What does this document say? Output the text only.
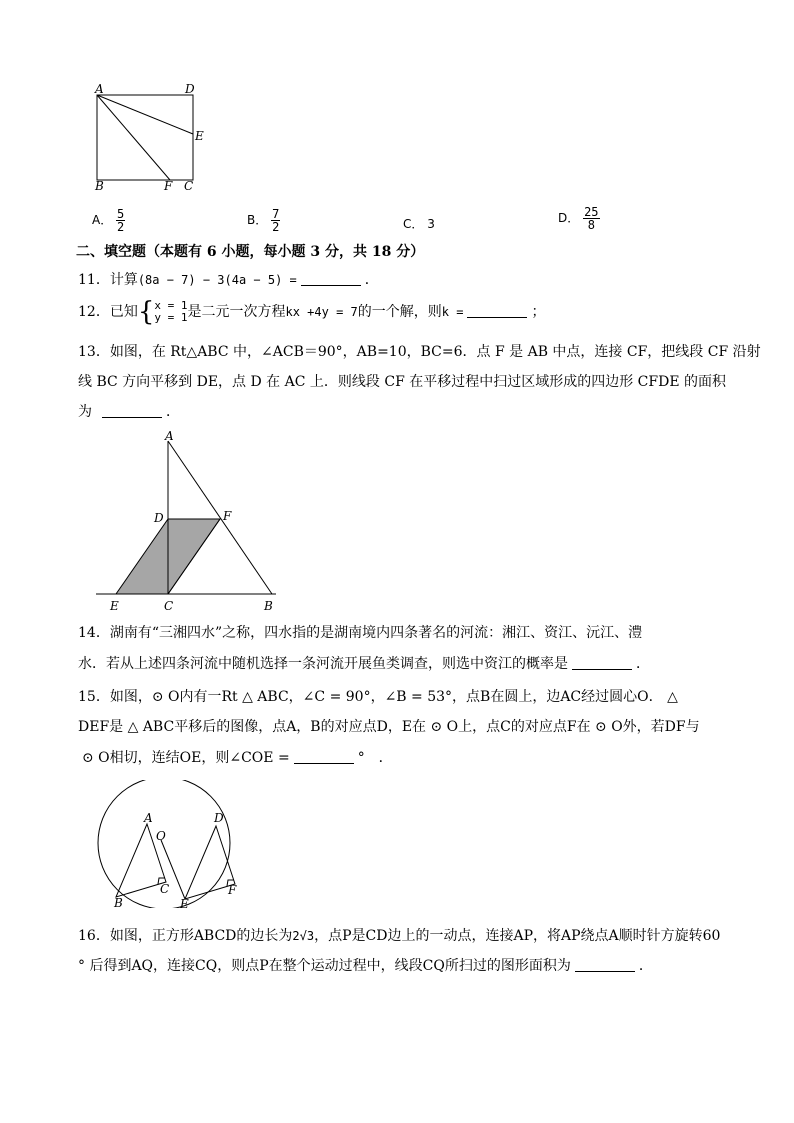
A	D
E
B	F C
A． $\frac{5}{2}$	B． $\frac{7}{2}$	C． 3	D． $\frac{25}{8}$
二、填空题（本题有 6 小题，每小题 3 分，共 18 分）
11．计算(8a − 7) − 3(4a − 5) =	．
12．已知{ x = 1
y = 1 是二元一次方程kx +4y = 7的一个解，则k =	；
13．如图，在 Rt△ABC 中，∠ACB＝90°，AB=10，BC=6．点 F 是 AB 中点，连接 CF，把线段 CF 沿射
线 BC 方向平移到 DE，点 D 在 AC 上．则线段 CF 在平移过程中扫过区域形成的四边形 CFDE 的面积
为	．
A
D	F
E	C	B
14．湖南有“三湘四水”之称，四水指的是湖南境内四条著名的河流：湘江、资江、沅江、澧
水．若从上述四条河流中随机选择一条河流开展鱼类调查，则选中资江的概率是	．
15．如图，⊙ O内有一Rt △ ABC，∠C = 90°，∠B = 53°，点B在圆上，边AC经过圆心O． △
DEF是 △ ABC平移后的图像，点A，B的对应点D，E在 ⊙ O上，点C的对应点F在 ⊙ O外，若DF与
⊙ O相切，连结OE，则∠COE =	°　．
A
O
D
B
C
E
F
16．如图，正方形ABCD的边长为2√3，点P是CD边上的一动点，连接AP，将AP绕点A顺时针方旋转60
° 后得到AQ，连接CQ，则点P在整个运动过程中，线段CQ所扫过的图形面积为	．
